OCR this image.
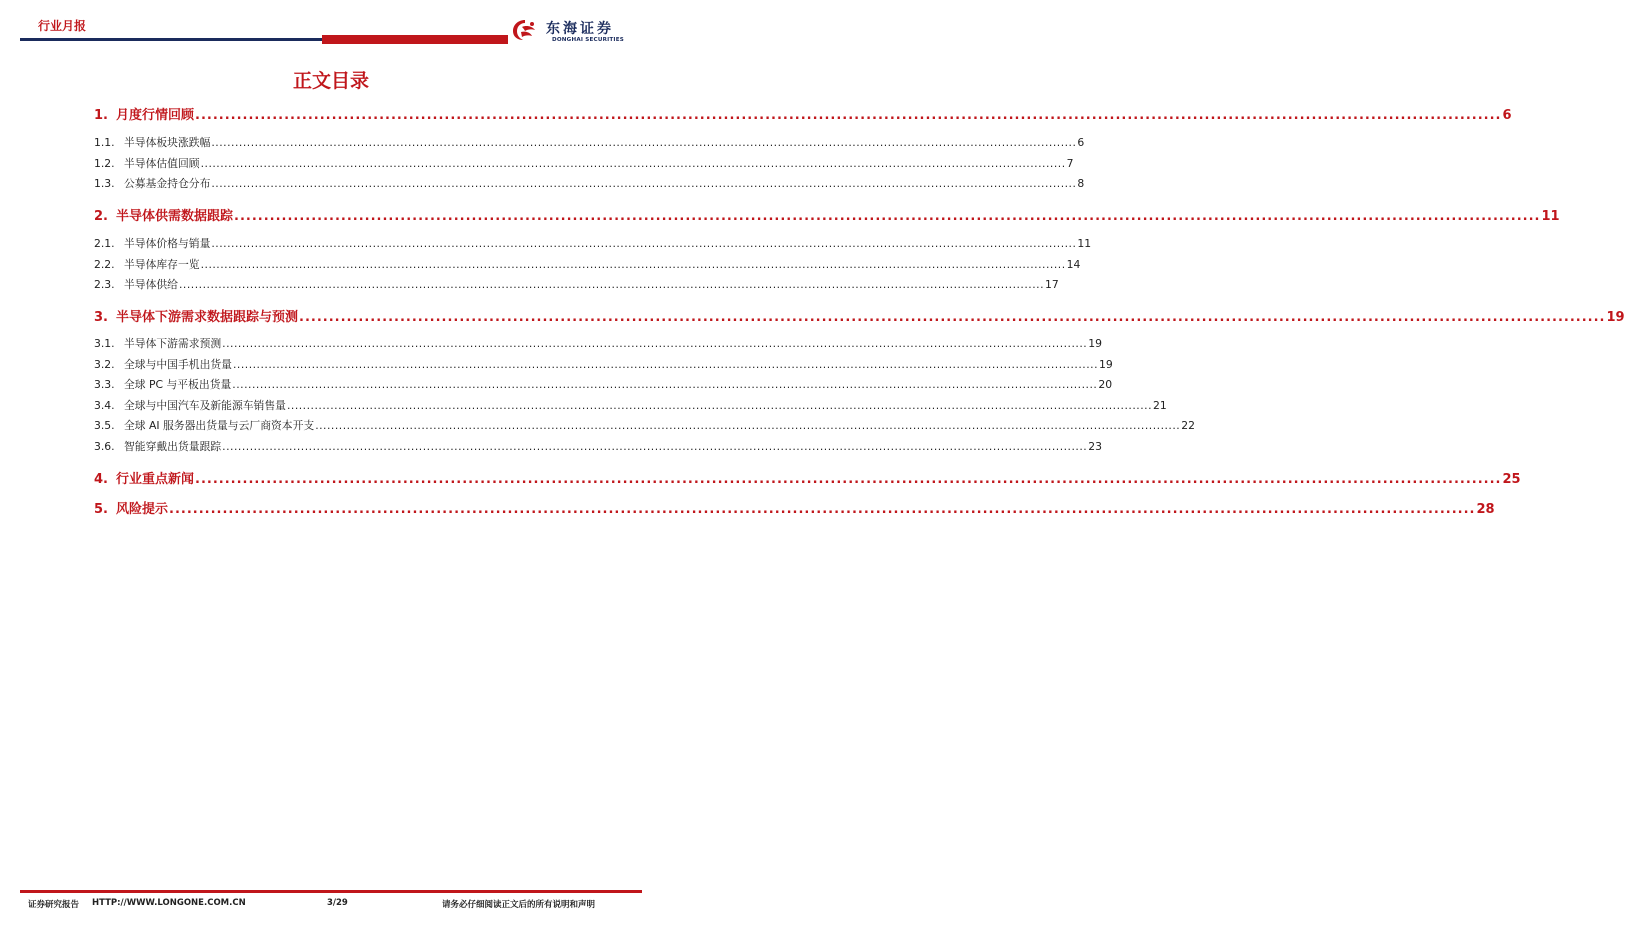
行业月报	东海证券
DONGHAI SECURITIES
正文目录
1. 月度行情回顾 ............................................................................................................................................................................................................................ 6
1.1. 半导体板块涨跌幅 ............................................................................................................................................................................................................................ 6
1.2. 半导体估值回顾 ............................................................................................................................................................................................................................ 7
1.3. 公募基金持仓分布 ............................................................................................................................................................................................................................ 8
2. 半导体供需数据跟踪 ............................................................................................................................................................................................................................ 11
2.1. 半导体价格与销量 ............................................................................................................................................................................................................................ 11
2.2. 半导体库存一览 ............................................................................................................................................................................................................................ 14
2.3. 半导体供给 ............................................................................................................................................................................................................................ 17
3. 半导体下游需求数据跟踪与预测 ............................................................................................................................................................................................................................ 19
3.1. 半导体下游需求预测 ............................................................................................................................................................................................................................ 19
3.2. 全球与中国手机出货量 ............................................................................................................................................................................................................................ 19
3.3. 全球 PC 与平板出货量 ............................................................................................................................................................................................................................ 20
3.4. 全球与中国汽车及新能源车销售量 ............................................................................................................................................................................................................................ 21
3.5. 全球 AI 服务器出货量与云厂商资本开支 ............................................................................................................................................................................................................................ 22
3.6. 智能穿戴出货量跟踪 ............................................................................................................................................................................................................................ 23
4. 行业重点新闻 ............................................................................................................................................................................................................................ 25
5. 风险提示 ............................................................................................................................................................................................................................ 28
证券研究报告 HTTP://WWW.LONGONE.COM.CN	3/29	请务必仔细阅读正文后的所有说明和声明
